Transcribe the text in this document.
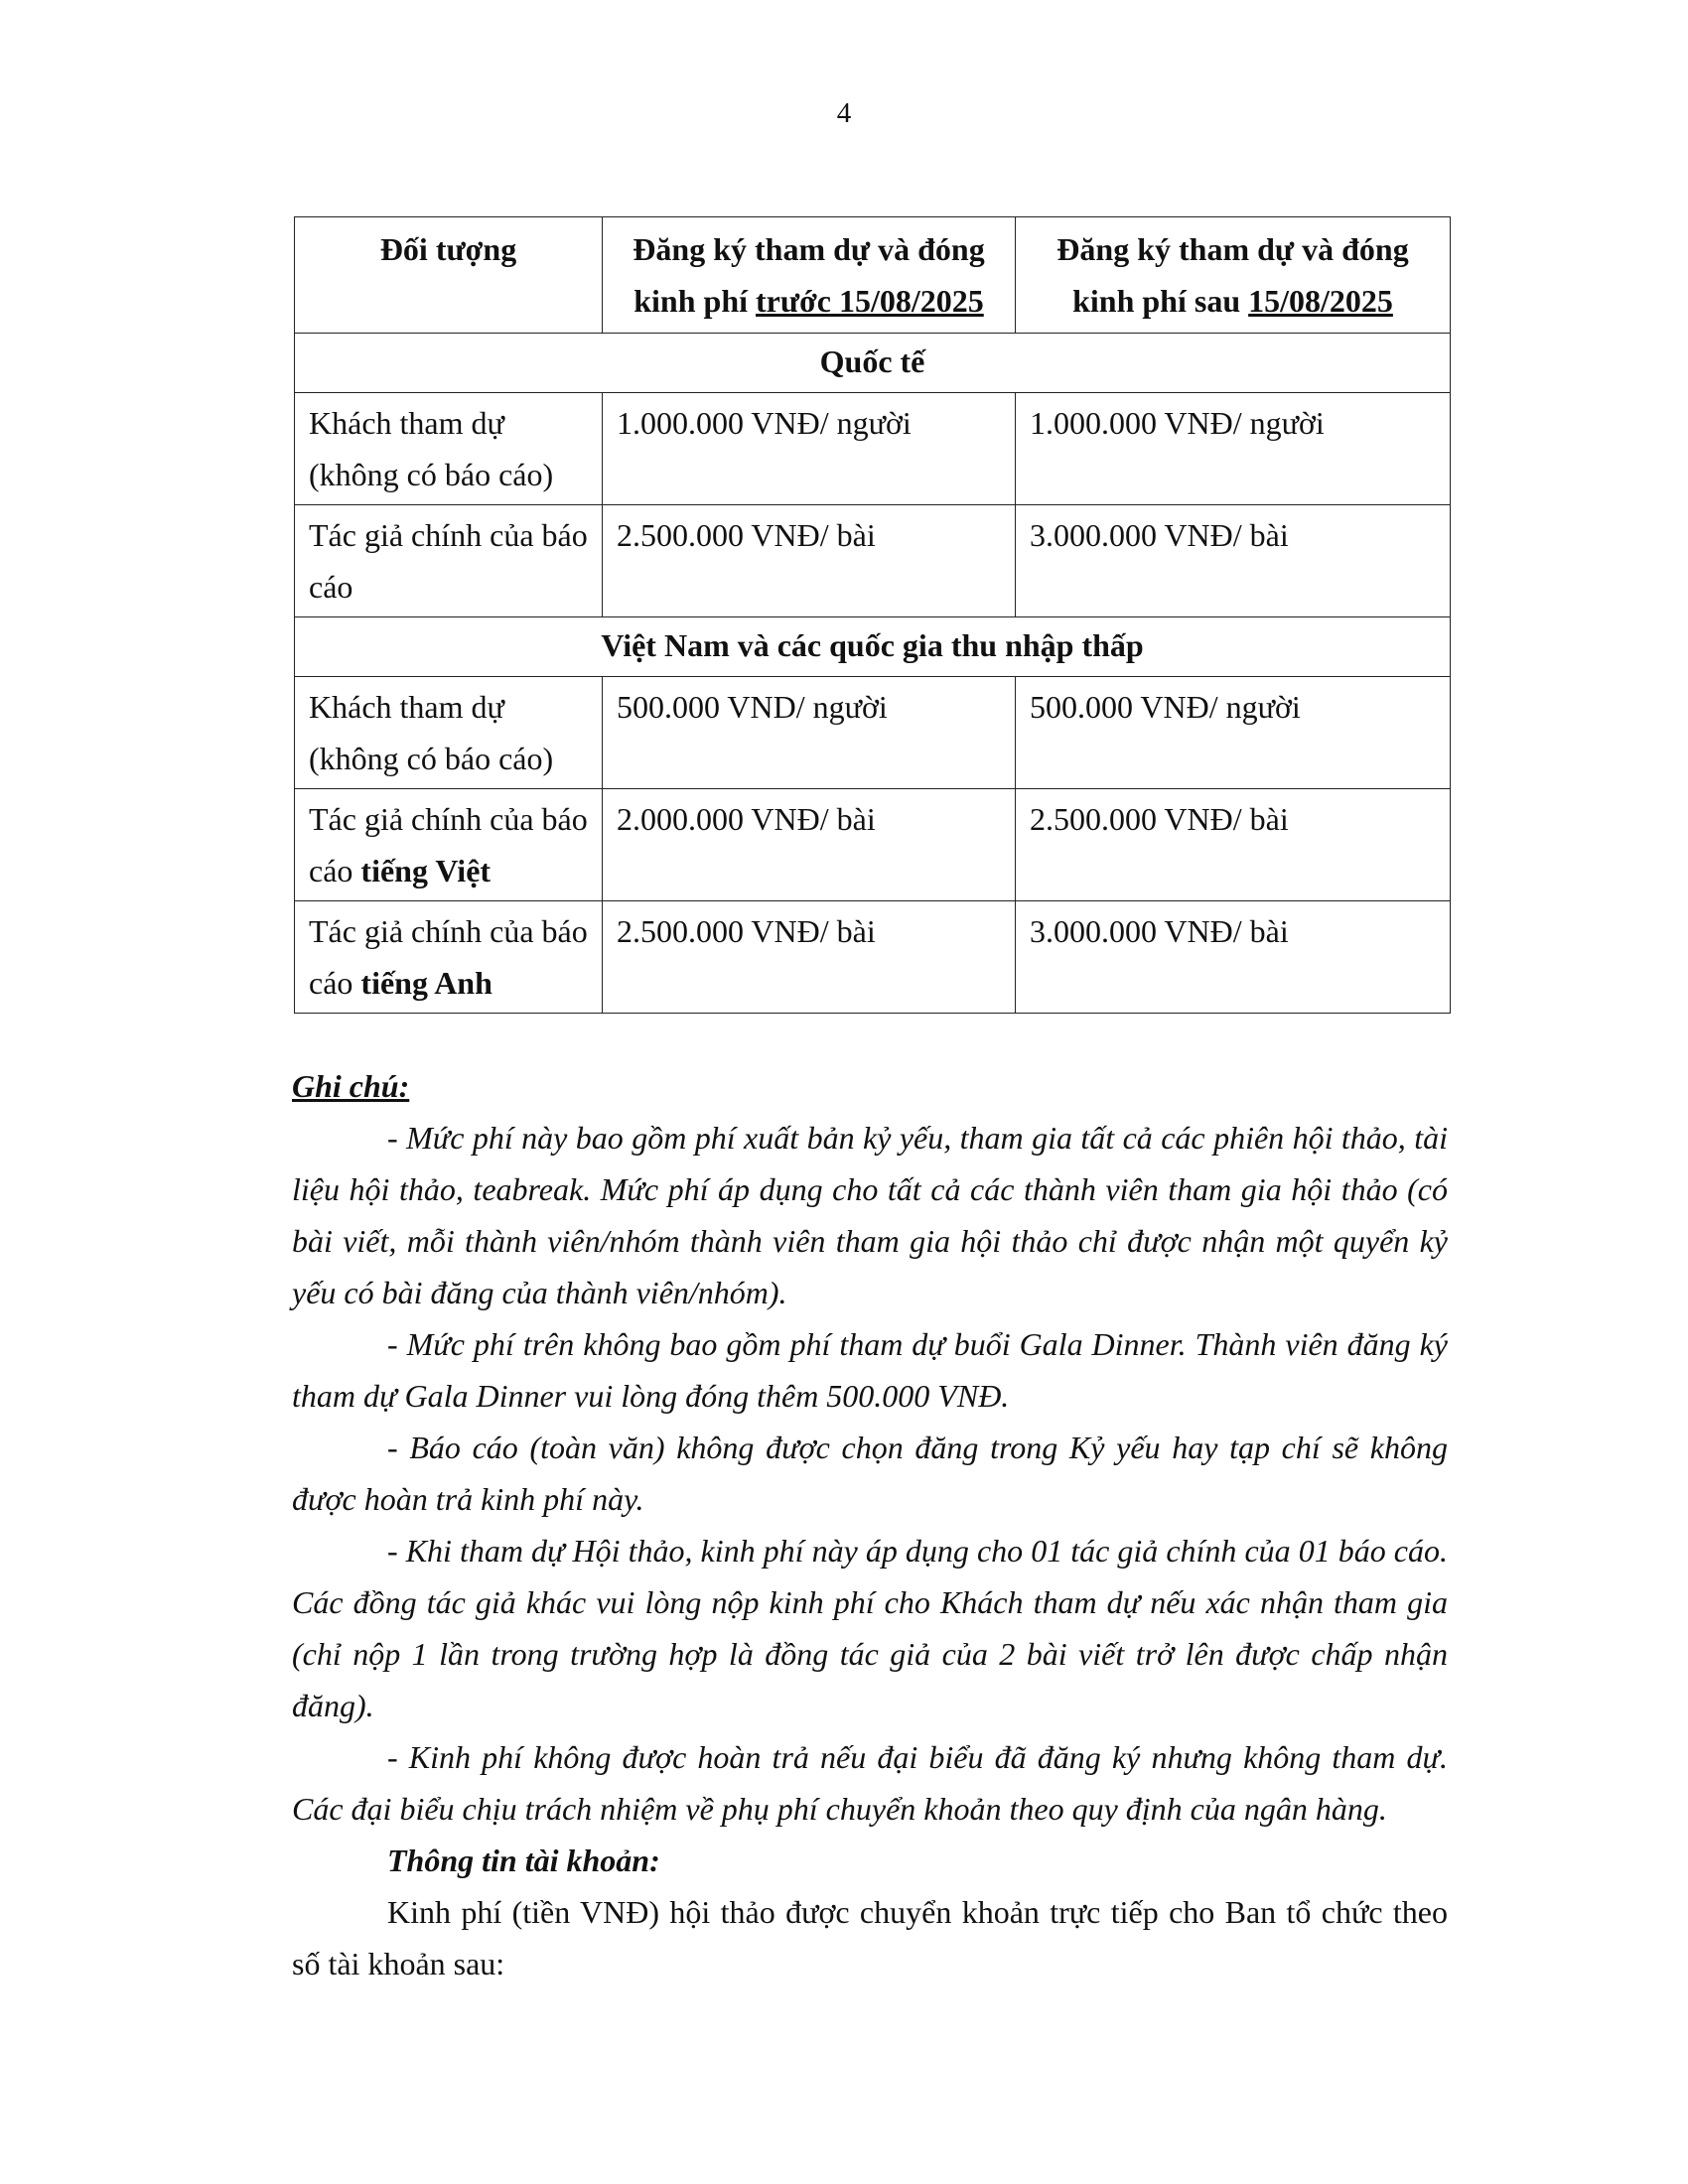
4
Đối tượng	Đăng ký tham dự và đóng kinh phí trước 15/08/2025	Đăng ký tham dự và đóng kinh phí sau 15/08/2025
Quốc tế		
Khách tham dự (không có báo cáo)	1.000.000 VNĐ/ người	1.000.000 VNĐ/ người
Tác giả chính của báo cáo	2.500.000 VNĐ/ bài	3.000.000 VNĐ/ bài
Việt Nam và các quốc gia thu nhập thấp		
Khách tham dự (không có báo cáo)	500.000 VND/ người	500.000 VNĐ/ người
Tác giả chính của báo cáo tiếng Việt	2.000.000 VNĐ/ bài	2.500.000 VNĐ/ bài
Tác giả chính của báo cáo tiếng Anh	2.500.000 VNĐ/ bài	3.000.000 VNĐ/ bài

Ghi chú:

- Mức phí này bao gồm phí xuất bản kỷ yếu, tham gia tất cả các phiên hội thảo, tài liệu hội thảo, teabreak. Mức phí áp dụng cho tất cả các thành viên tham gia hội thảo (có bài viết, mỗi thành viên/nhóm thành viên tham gia hội thảo chỉ được nhận một quyển kỷ yếu có bài đăng của thành viên/nhóm).

- Mức phí trên không bao gồm phí tham dự buổi Gala Dinner. Thành viên đăng ký tham dự Gala Dinner vui lòng đóng thêm 500.000 VNĐ.

- Báo cáo (toàn văn) không được chọn đăng trong Kỷ yếu hay tạp chí sẽ không được hoàn trả kinh phí này.

- Khi tham dự Hội thảo, kinh phí này áp dụng cho 01 tác giả chính của 01 báo cáo. Các đồng tác giả khác vui lòng nộp kinh phí cho Khách tham dự nếu xác nhận tham gia (chỉ nộp 1 lần trong trường hợp là đồng tác giả của 2 bài viết trở lên được chấp nhận đăng).

- Kinh phí không được hoàn trả nếu đại biểu đã đăng ký nhưng không tham dự. Các đại biểu chịu trách nhiệm về phụ phí chuyển khoản theo quy định của ngân hàng.

Thông tin tài khoản:

Kinh phí (tiền VNĐ) hội thảo được chuyển khoản trực tiếp cho Ban tổ chức theo số tài khoản sau:
